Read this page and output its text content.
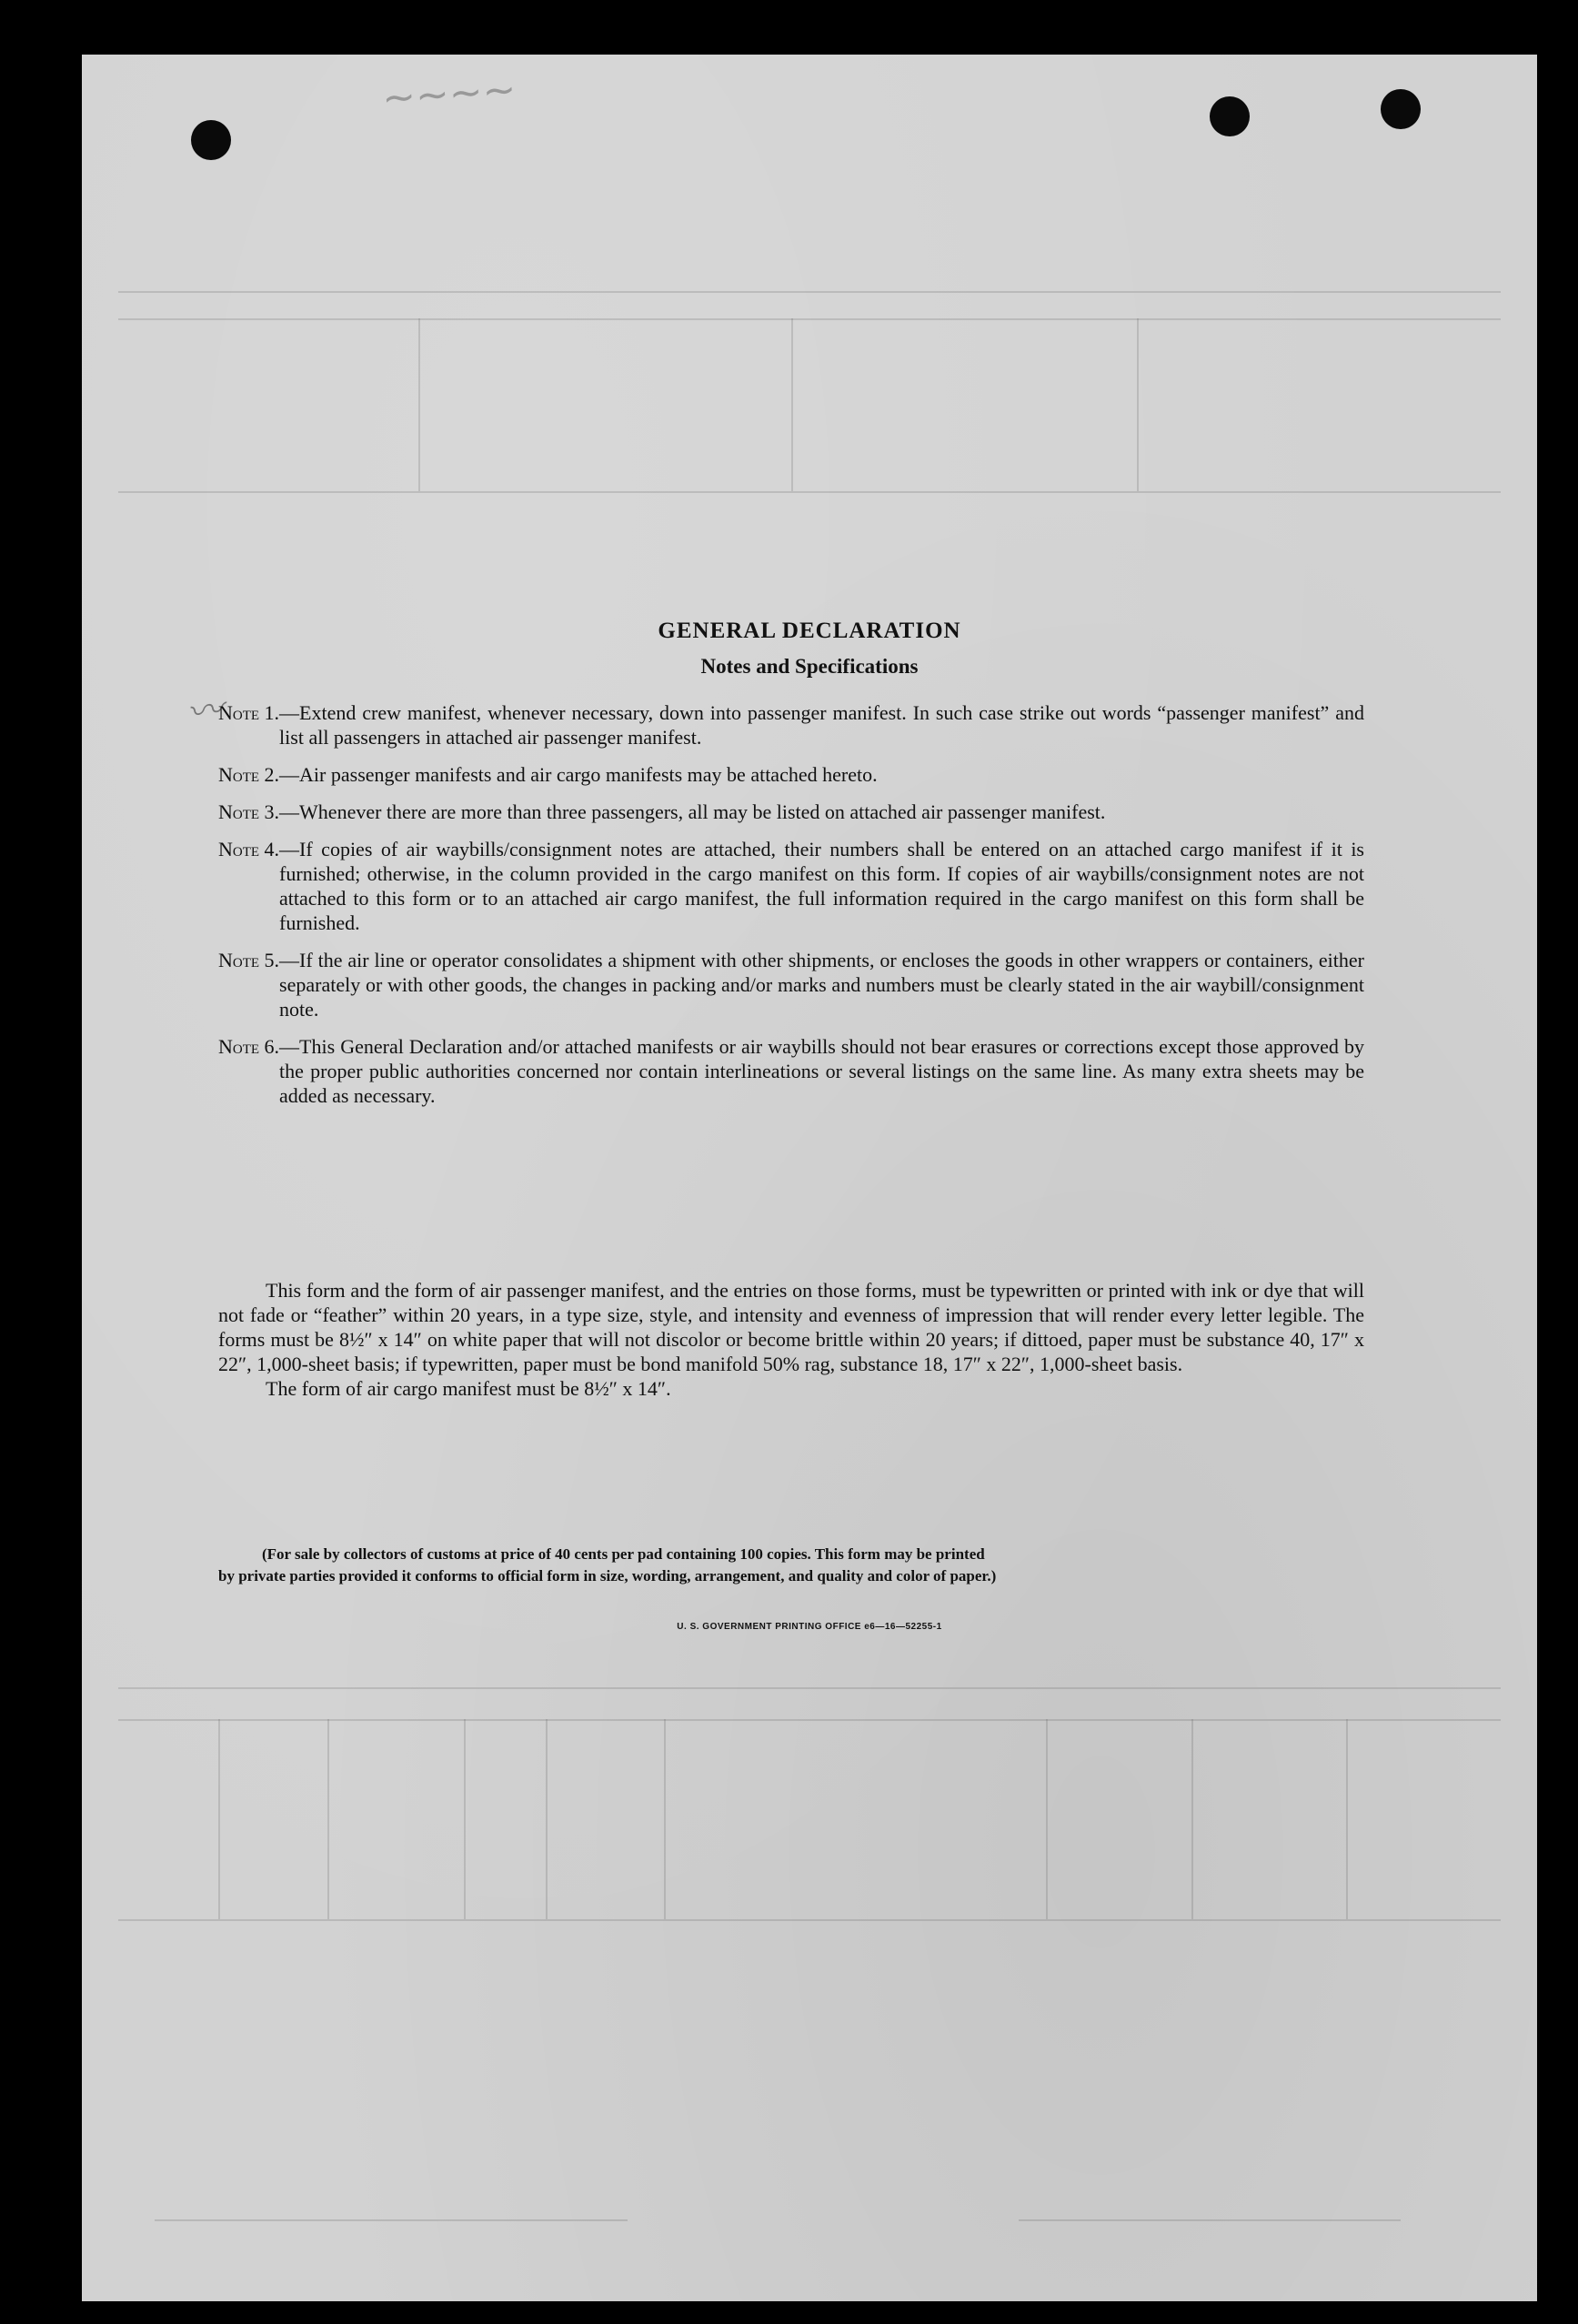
~~~~
〰
GENERAL DECLARATION
Notes and Specifications
Note 1. —Extend crew manifest, whenever necessary, down into passenger manifest. In such case strike out words “passenger manifest” and list all passengers in attached air passenger manifest.
Note 2. —Air passenger manifests and air cargo manifests may be attached hereto.
Note 3. —Whenever there are more than three passengers, all may be listed on attached air passenger manifest.
Note 4. —If copies of air waybills/consignment notes are attached, their numbers shall be entered on an attached cargo manifest if it is furnished; otherwise, in the column provided in the cargo manifest on this form. If copies of air waybills/consignment notes are not attached to this form or to an attached air cargo manifest, the full information required in the cargo manifest on this form shall be furnished.
Note 5. —If the air line or operator consolidates a shipment with other shipments, or encloses the goods in other wrappers or containers, either separately or with other goods, the changes in packing and/or marks and numbers must be clearly stated in the air waybill/consignment note.
Note 6. —This General Declaration and/or attached manifests or air waybills should not bear erasures or corrections except those approved by the proper public authorities concerned nor contain interlineations or several listings on the same line. As many extra sheets may be added as necessary.

This form and the form of air passenger manifest, and the entries on those forms, must be typewritten or printed with ink or dye that will not fade or “feather” within 20 years, in a type size, style, and intensity and evenness of impression that will render every letter legible. The forms must be 8½″ x 14″ on white paper that will not discolor or become brittle within 20 years; if dittoed, paper must be substance 40, 17″ x 22″, 1,000-sheet basis; if typewritten, paper must be bond manifold 50% rag, substance 18, 17″ x 22″, 1,000-sheet basis.

The form of air cargo manifest must be 8½″ x 14″.

(For sale by collectors of customs at price of 40 cents per pad containing 100 copies. This form may be printed
by private parties provided it conforms to official form in size, wording, arrangement, and quality and color of paper.)
U. S. GOVERNMENT PRINTING OFFICE e6—16—52255-1
